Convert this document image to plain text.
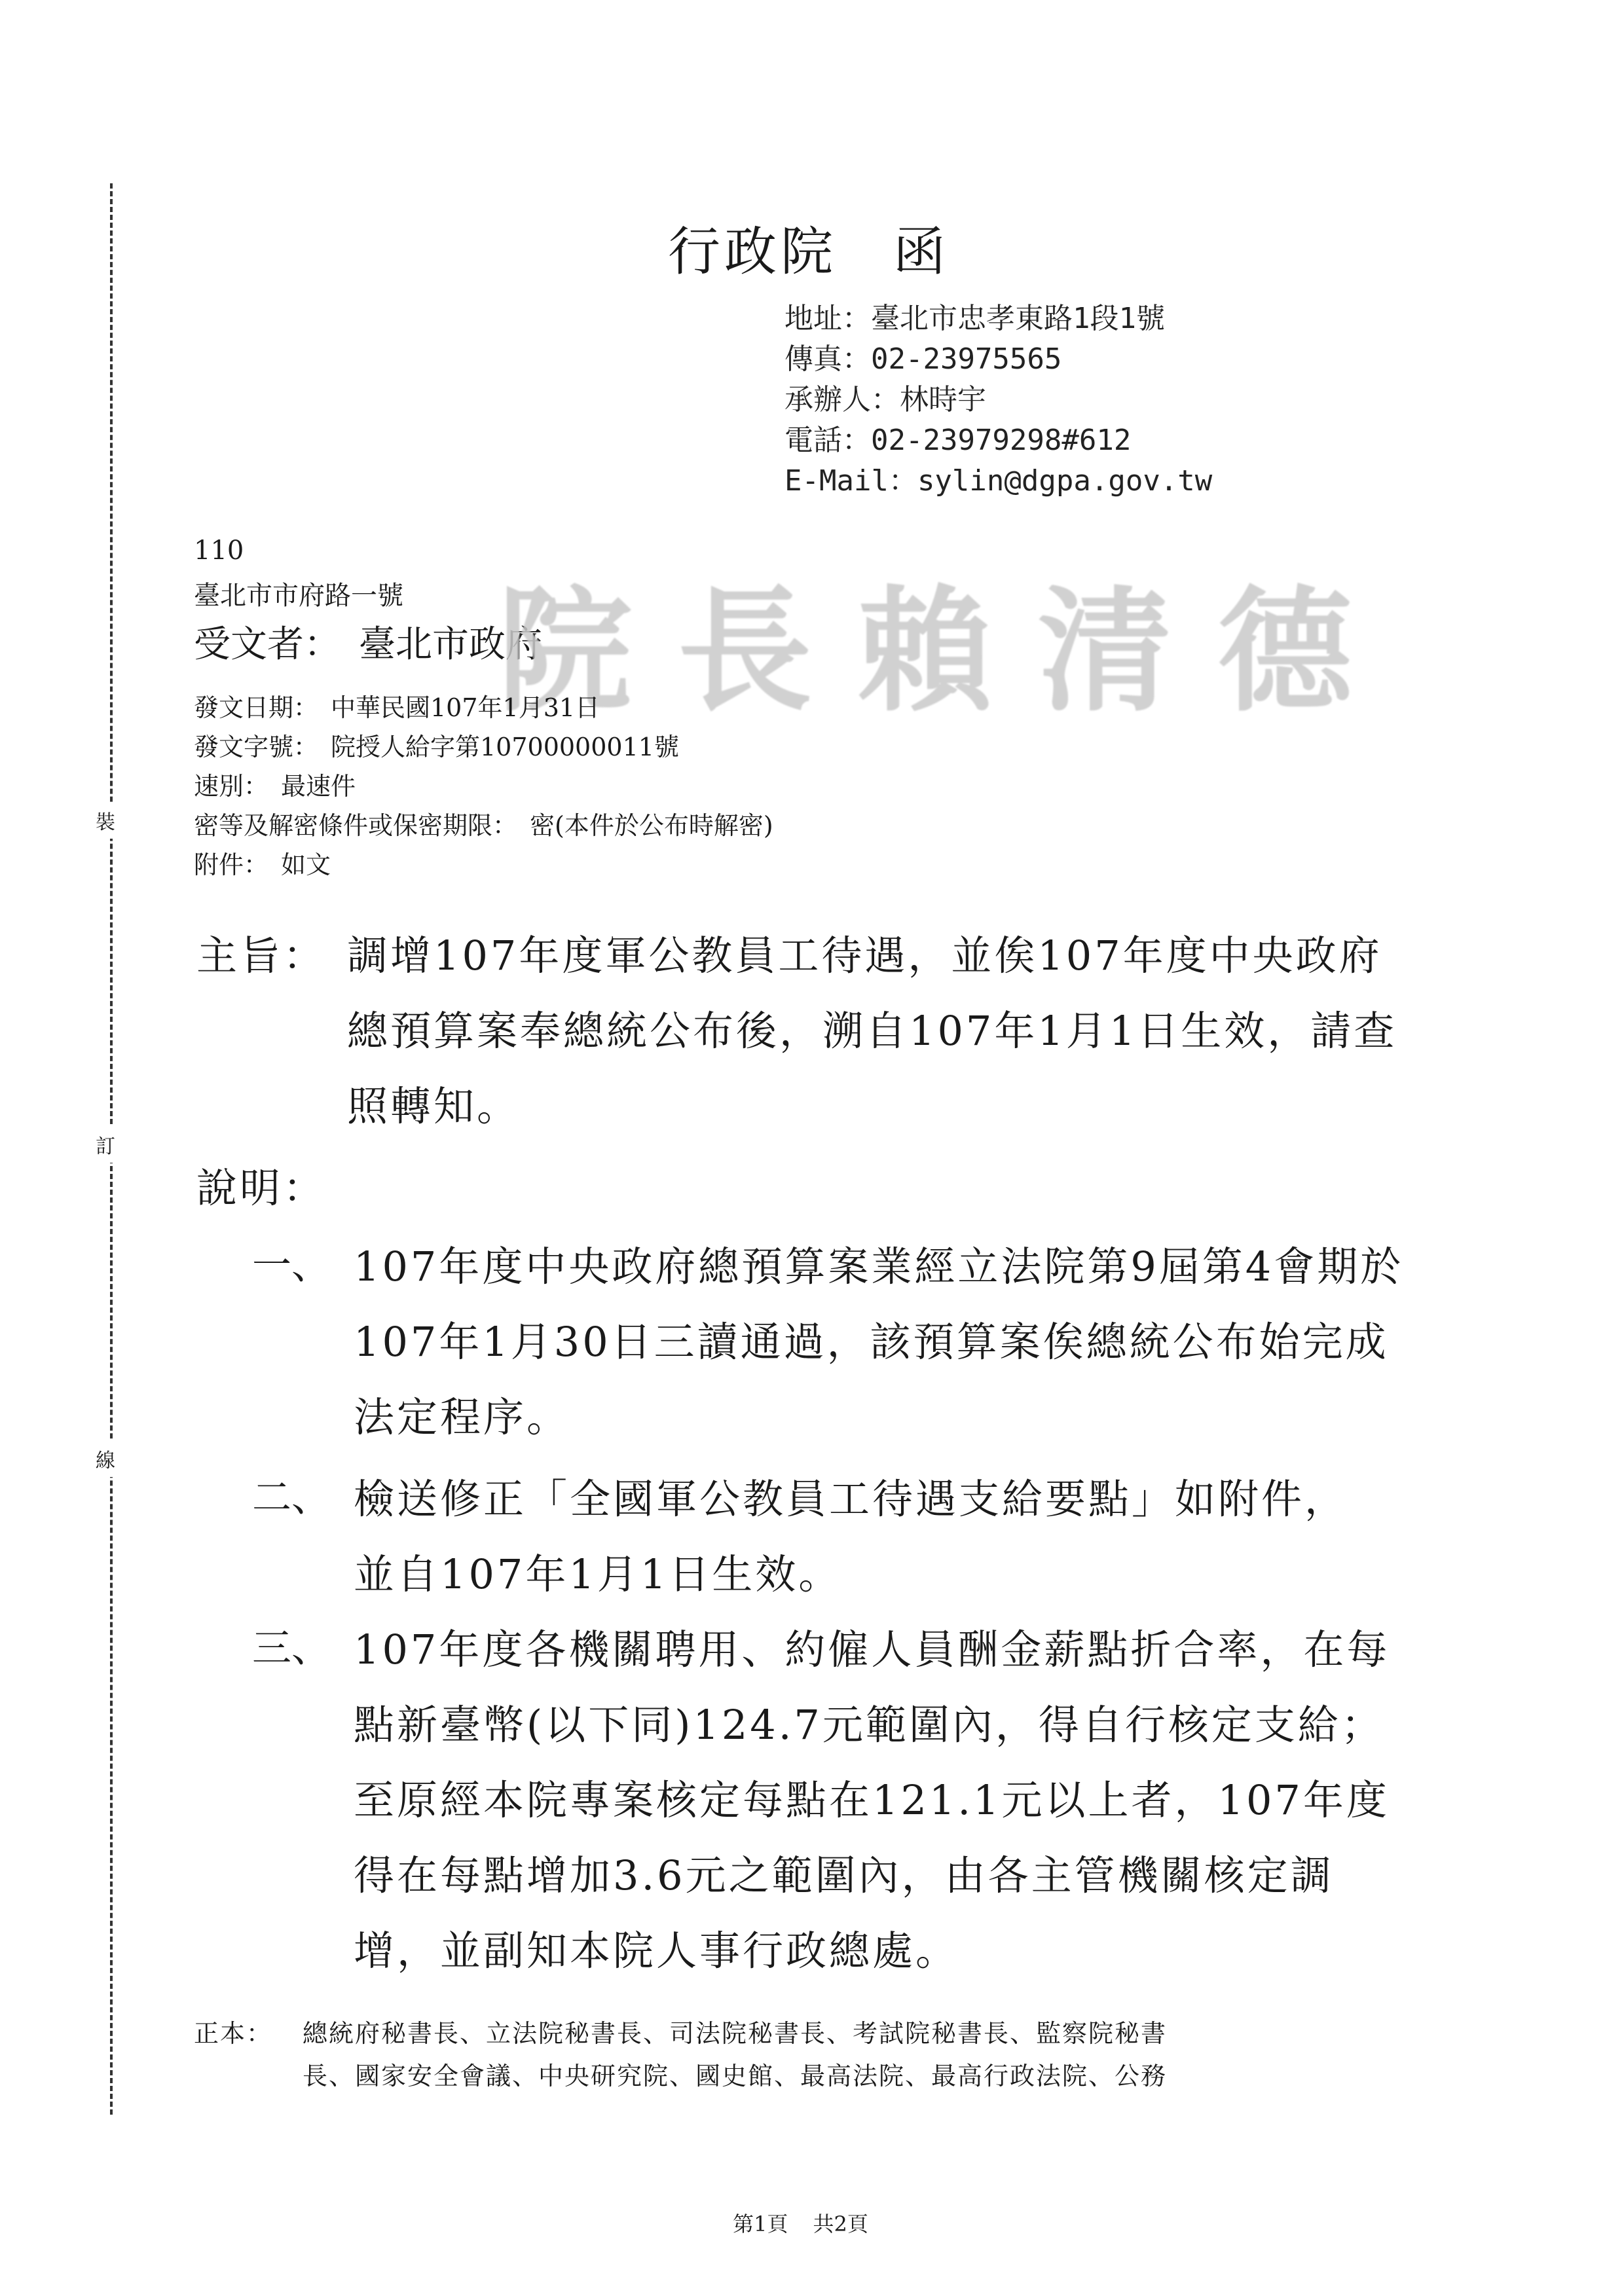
裝
訂
線
行政院　函
地址：臺北市忠孝東路1段1號
傳真：02-23975565
承辦人：林時宇
電話：02-23979298#612
E-Mail：sylin@dgpa.gov.tw
110
臺北市市府路一號
受文者：　臺北市政府
院長賴清德
發文日期：　中華民國107年1月31日
發文字號：　院授人給字第10700000011號
速別：　最速件
密等及解密條件或保密期限：　密(本件於公布時解密)
附件：　如文
主旨： 調增107年度軍公教員工待遇，並俟107年度中央政府
總預算案奉總統公布後，溯自107年1月1日生效，請查
照轉知。
說明：
一、 107年度中央政府總預算案業經立法院第9屆第4會期於
107年1月30日三讀通過，該預算案俟總統公布始完成
法定程序。
二、 檢送修正「全國軍公教員工待遇支給要點」如附件，
並自107年1月1日生效。
三、 107年度各機關聘用、約僱人員酬金薪點折合率，在每
點新臺幣(以下同)124.7元範圍內，得自行核定支給；
至原經本院專案核定每點在121.1元以上者，107年度
得在每點增加3.6元之範圍內，由各主管機關核定調
增，並副知本院人事行政總處。
正本： 總統府秘書長、立法院秘書長、司法院秘書長、考試院秘書長、監察院秘書
長、國家安全會議、中央研究院、國史館、最高法院、最高行政法院、公務
第1頁 共2頁
